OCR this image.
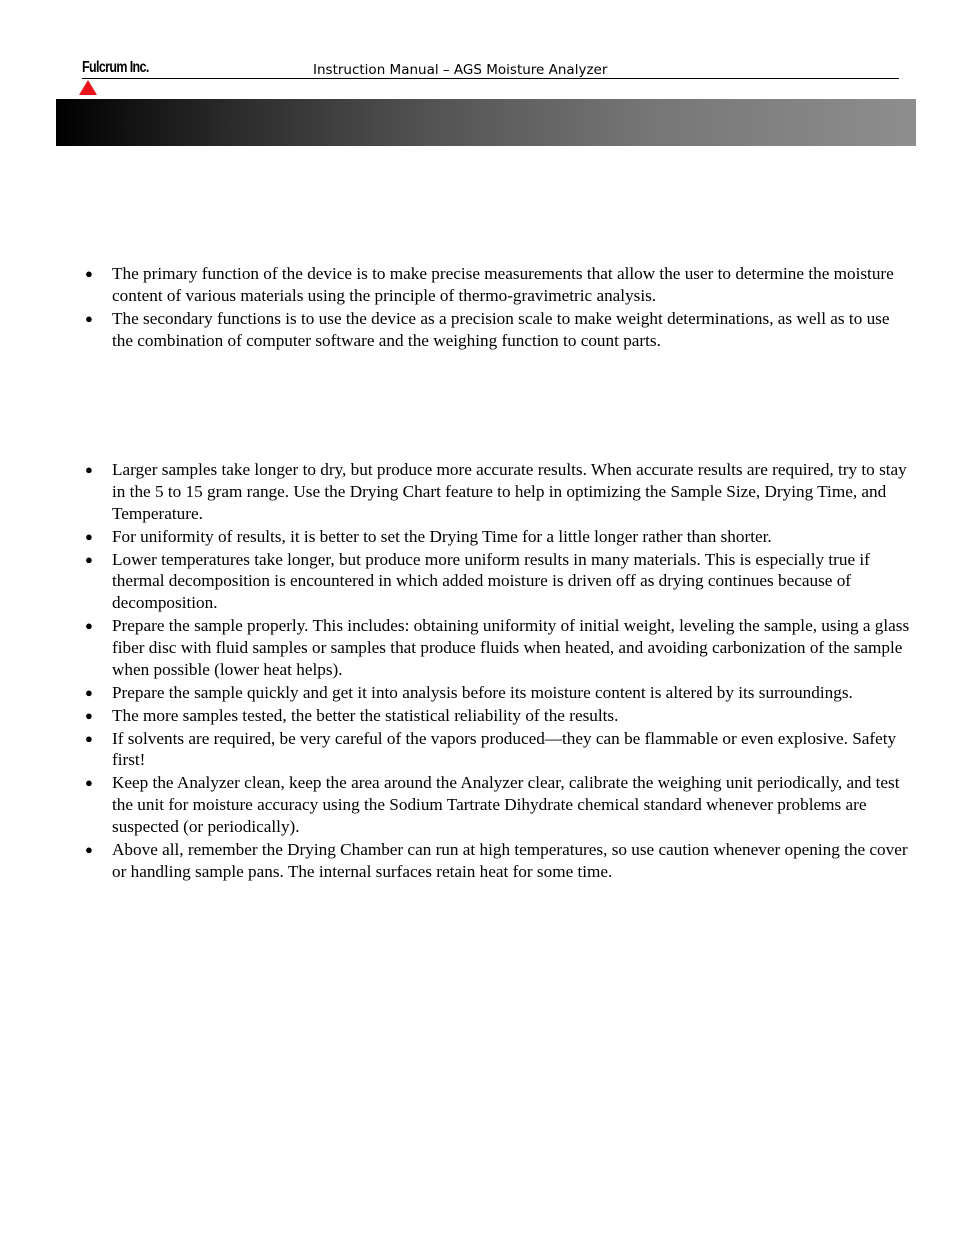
Fulcrum Inc.	Instruction Manual – AGS Moisture Analyzer
● The primary function of the device is to make precise measurements that allow the user to determine the moisture content of various materials using the principle of thermo-gravimetric analysis.
● The secondary functions is to use the device as a precision scale to make weight determinations, as well as to use the combination of computer software and the weighing function to count parts.
● Larger samples take longer to dry, but produce more accurate results. When accurate results are required, try to stay in the 5 to 15 gram range. Use the Drying Chart feature to help in optimizing the Sample Size, Drying Time, and Temperature.
● For uniformity of results, it is better to set the Drying Time for a little longer rather than shorter.
● Lower temperatures take longer, but produce more uniform results in many materials. This is especially true if thermal decomposition is encountered in which added moisture is driven off as drying continues because of decomposition.
● Prepare the sample properly. This includes: obtaining uniformity of initial weight, leveling the sample, using a glass fiber disc with fluid samples or samples that produce fluids when heated, and avoiding carbonization of the sample when possible (lower heat helps).
● Prepare the sample quickly and get it into analysis before its moisture content is altered by its surroundings.
● The more samples tested, the better the statistical reliability of the results.
● If solvents are required, be very careful of the vapors produced—they can be flammable or even explosive. Safety first!
● Keep the Analyzer clean, keep the area around the Analyzer clear, calibrate the weighing unit periodically, and test the unit for moisture accuracy using the Sodium Tartrate Dihydrate chemical standard whenever problems are suspected (or periodically).
● Above all, remember the Drying Chamber can run at high temperatures, so use caution whenever opening the cover or handling sample pans. The internal surfaces retain heat for some time.
